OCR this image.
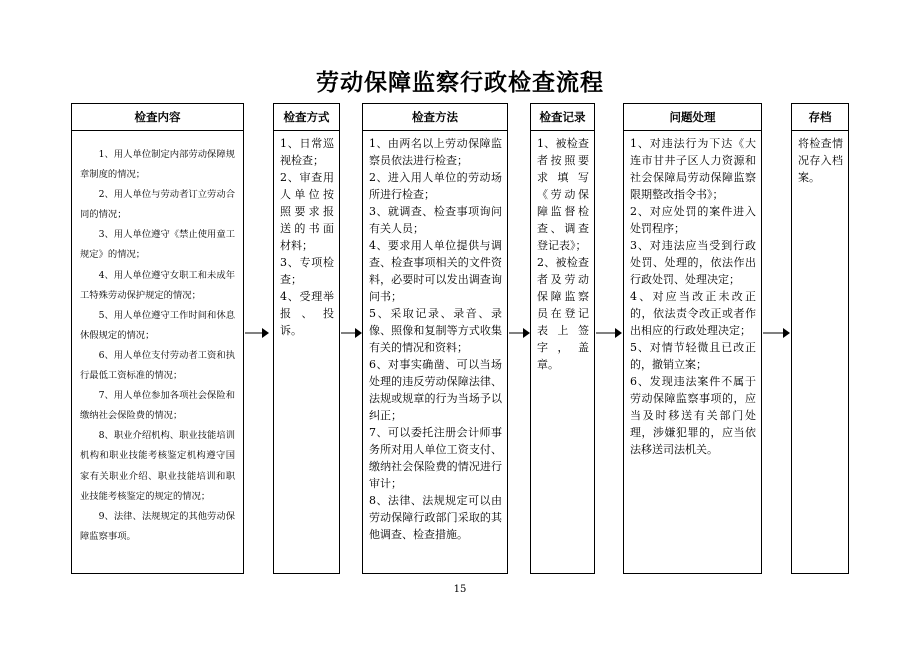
劳动保障监察行政检查流程
检查内容

1、用人单位制定内部劳动保障规章制度的情况；

2、用人单位与劳动者订立劳动合同的情况；

3、用人单位遵守《禁止使用童工规定》的情况；

4、用人单位遵守女职工和未成年工特殊劳动保护规定的情况；

5、用人单位遵守工作时间和休息休假规定的情况；

6、用人单位支付劳动者工资和执行最低工资标准的情况；

7、用人单位参加各项社会保险和缴纳社会保险费的情况；

8、职业介绍机构、职业技能培训机构和职业技能考核鉴定机构遵守国家有关职业介绍、职业技能培训和职业技能考核鉴定的规定的情况；

9、法律、法规规定的其他劳动保障监察事项。

检查方式

1、日常巡视检查；

2、审查用人单位按照要求报送的书面材料；

3、专项检查；

4、受理举报、投诉。

检查方法

1、由两名以上劳动保障监察员依法进行检查；

2、进入用人单位的劳动场所进行检查；

3、就调查、检查事项询问有关人员；

4、要求用人单位提供与调查、检查事项相关的文件资料，必要时可以发出调查询问书；

5、采取记录、录音、录像、照像和复制等方式收集有关的情况和资料；

6、对事实确凿、可以当场处理的违反劳动保障法律、法规或规章的行为当场予以纠正；

7、可以委托注册会计师事务所对用人单位工资支付、缴纳社会保险费的情况进行审计；

8、法律、法规规定可以由劳动保障行政部门采取的其他调查、检查措施。

检查记录

1、被检查者按照要求填写《劳动保障监督检查、调查登记表》；

2、被检查者及劳动保障监察员在登记表上签字，盖章。

问题处理

1、对违法行为下达《大连市甘井子区人力资源和社会保障局劳动保障监察限期整改指令书》；

2、对应处罚的案件进入处罚程序；

3、对违法应当受到行政处罚、处理的，依法作出行政处罚、处理决定；

4、对应当改正未改正的，依法责令改正或者作出相应的行政处理决定；

5、对情节轻微且已改正的，撤销立案；

6、发现违法案件不属于劳动保障监察事项的，应当及时移送有关部门处理，涉嫌犯罪的，应当依法移送司法机关。

存档

将检查情况存入档案。

15
